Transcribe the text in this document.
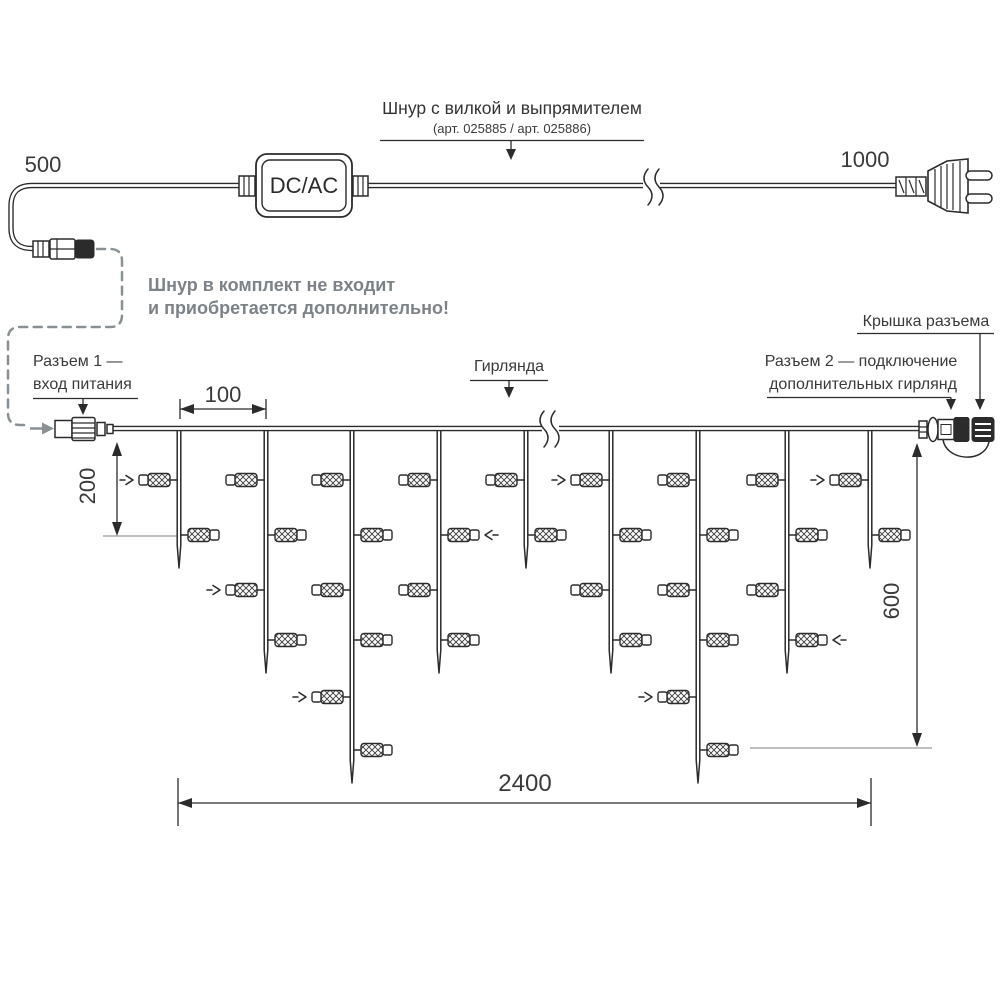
DC/AC
500	1000
Шнур с вилкой и выпрямителем
(арт. 025885 / арт. 025886)
Шнур в комплект не входит
и приобретается дополнительно!
200
600
100
2400
Разъем 1 —
вход питания
Гирлянда
Крышка разъема
Разъем 2 — подключение
дополнительных гирлянд
